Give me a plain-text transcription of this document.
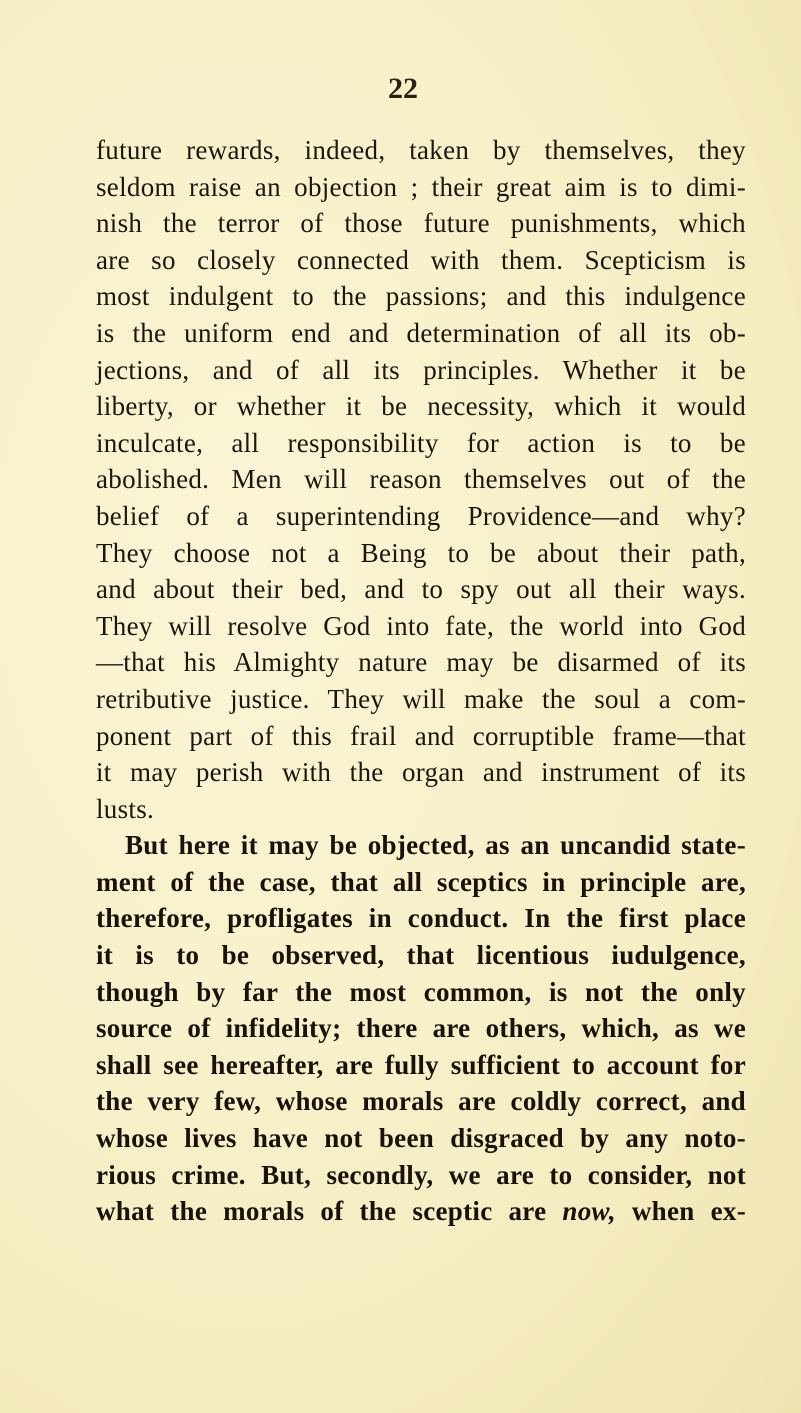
22
future rewards, indeed, taken by themselves, they
seldom raise an objection ; their great aim is to dimi-
nish the terror of those future punishments, which
are so closely connected with them. Scepticism is
most indulgent to the passions; and this indulgence
is the uniform end and determination of all its ob-
jections, and of all its principles. Whether it be
liberty, or whether it be necessity, which it would
inculcate, all responsibility for action is to be
abolished. Men will reason themselves out of the
belief of a superintending Providence—and why?
They choose not a Being to be about their path,
and about their bed, and to spy out all their ways.
They will resolve God into fate, the world into God
—that his Almighty nature may be disarmed of its
retributive justice. They will make the soul a com-
ponent part of this frail and corruptible frame—that
it may perish with the organ and instrument of its
lusts.
But here it may be objected, as an uncandid state-
ment of the case, that all sceptics in principle are,
therefore, profligates in conduct. In the first place
it is to be observed, that licentious iudulgence,
though by far the most common, is not the only
source of infidelity; there are others, which, as we
shall see hereafter, are fully sufficient to account for
the very few, whose morals are coldly correct, and
whose lives have not been disgraced by any noto-
rious crime. But, secondly, we are to consider, not
what the morals of the sceptic are now, when ex-
